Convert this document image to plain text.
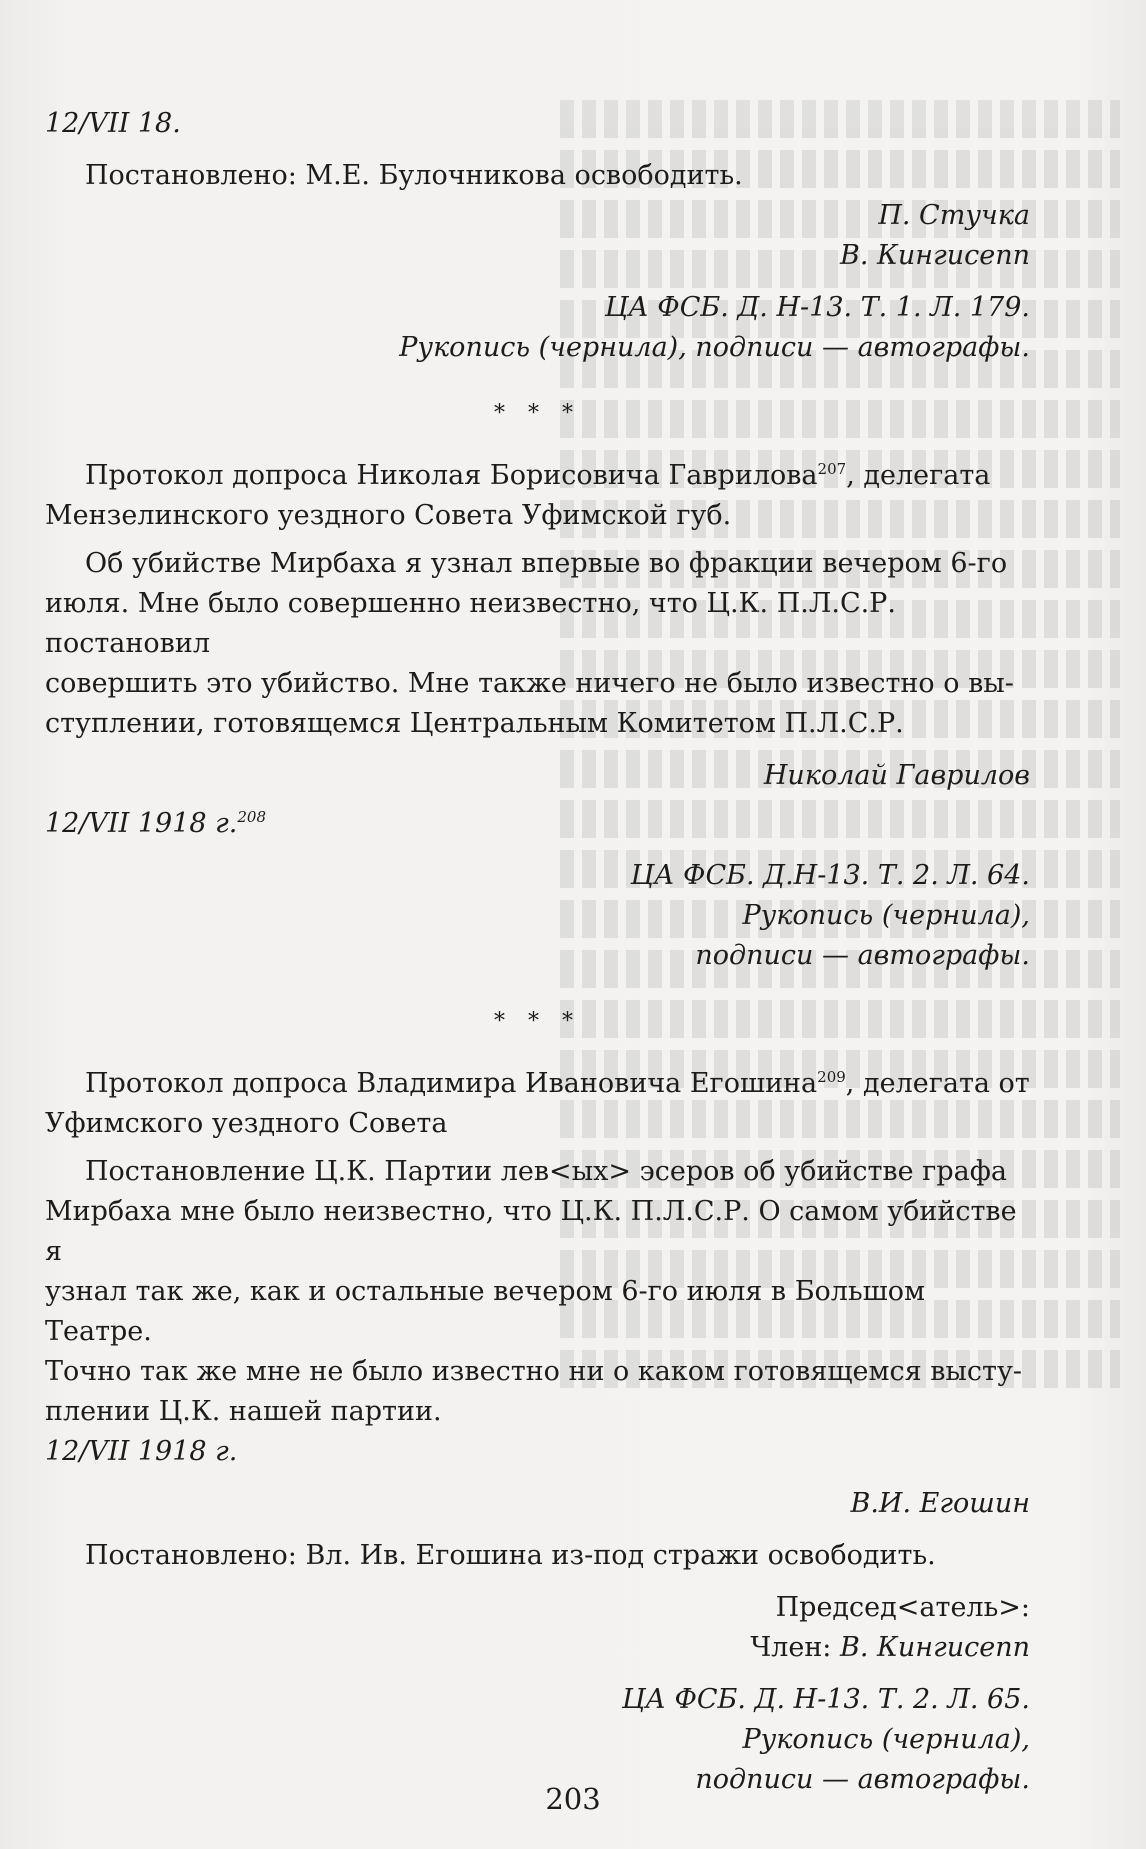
12/VII 18.

Постановлено: М.Е. Булочникова освободить.

П. Стучка

В. Кингисепп

ЦА ФСБ. Д. Н-13. Т. 1. Л. 179.

Рукопись (чернила), подписи — автографы.

* * *

Протокол допроса Николая Борисовича Гаврилова$^{207}$, делегата

Мензелинского уездного Совета Уфимской губ.

Об убийстве Мирбаха я узнал впервые во фракции вечером 6-го

июля. Мне было совершенно неизвестно, что Ц.К. П.Л.С.Р. постановил

совершить это убийство. Мне также ничего не было известно о вы-

ступлении, готовящемся Центральным Комитетом П.Л.С.Р.

Николай Гаврилов

12/VII 1918 г.$^{208}$

ЦА ФСБ. Д.Н-13. Т. 2. Л. 64.

Рукопись (чернила),

подписи — автографы.

* * *

Протокол допроса Владимира Ивановича Егошина$^{209}$, делегата от

Уфимского уездного Совета

Постановление Ц.К. Партии лев<ых> эсеров об убийстве графа

Мирбаха мне было неизвестно, что Ц.К. П.Л.С.Р. О самом убийстве я

узнал так же, как и остальные вечером 6-го июля в Большом Театре.

Точно так же мне не было известно ни о каком готовящемся высту-

плении Ц.К. нашей партии.

12/VII 1918 г.

В.И. Егошин

Постановлено: Вл. Ив. Егошина из-под стражи освободить.

Председ<атель>:

Член: В. Кингисепп

ЦА ФСБ. Д. Н-13. Т. 2. Л. 65.

Рукопись (чернила),

подписи — автографы.

203
